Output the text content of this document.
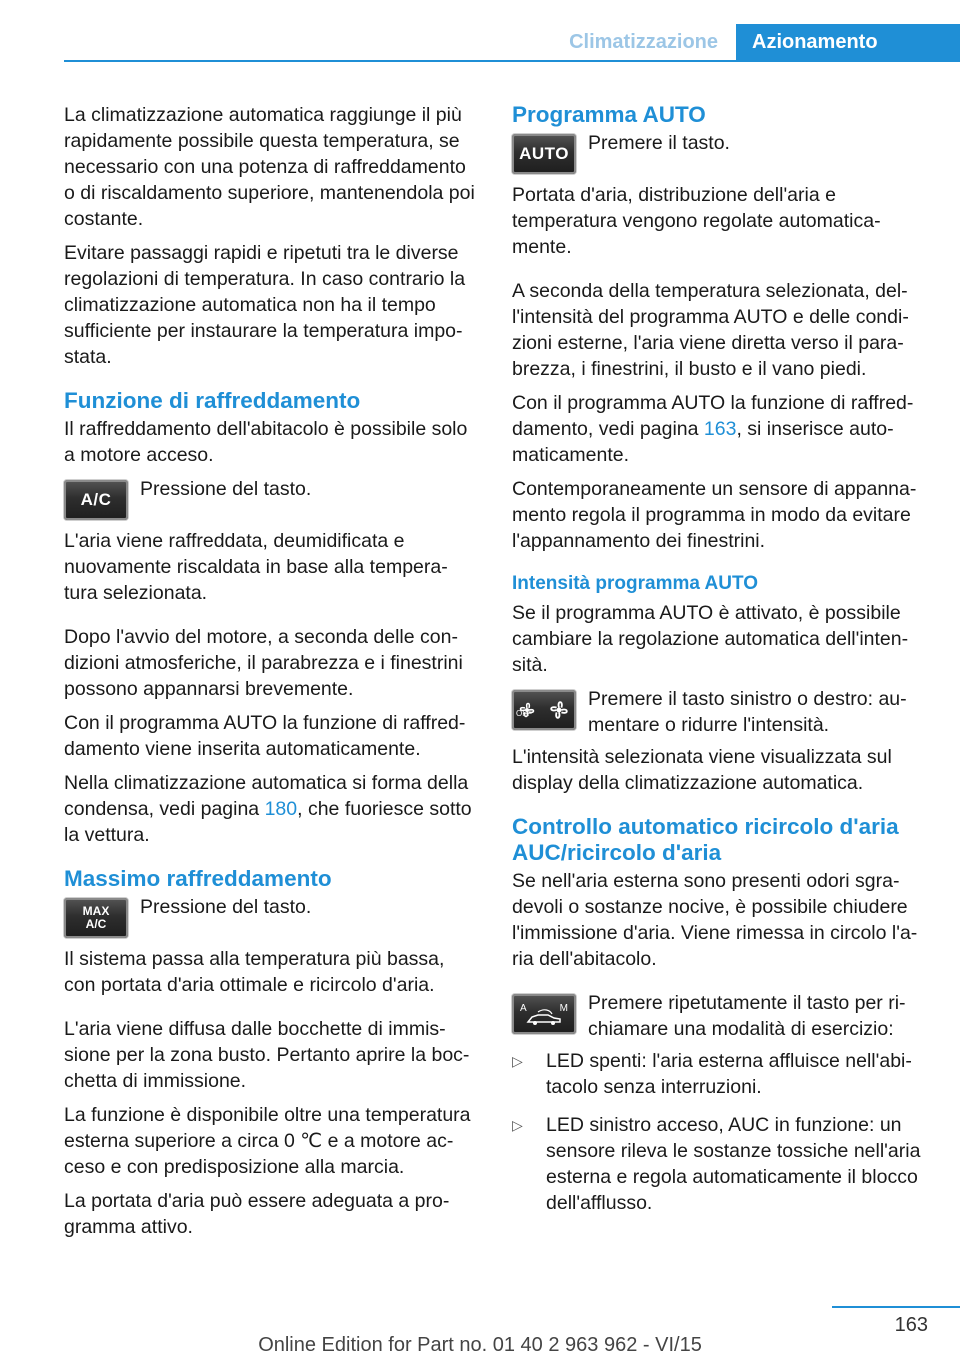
Climatizzazione	Azionamento

La climatizzazione automatica raggiunge il più rapidamente possibile questa temperatura, se necessario con una potenza di raffreddamento o di riscaldamento superiore, mantenendola poi costante.

Evitare passaggi rapidi e ripetuti tra le diverse regolazioni di temperatura. In caso contrario la climatizzazione automatica non ha il tempo sufficiente per instaurare la temperatura impo-stata.

Funzione di raffreddamento

Il raffreddamento dell'abitacolo è possibile solo a motore acceso.

A/C Pressione del tasto.

L'aria viene raffreddata, deumidificata e nuovamente riscaldata in base alla tempera-tura selezionata.

Dopo l'avvio del motore, a seconda delle con-dizioni atmosferiche, il parabrezza e i finestrini possono appannarsi brevemente.

Con il programma AUTO la funzione di raffred-damento viene inserita automaticamente.

Nella climatizzazione automatica si forma della condensa, vedi pagina 180, che fuoriesce sotto la vettura.

Massimo raffreddamento
MAX
A/C

Pressione del tasto.

Il sistema passa alla temperatura più bassa, con portata d'aria ottimale e ricircolo d'aria.

L'aria viene diffusa dalle bocchette di immis-sione per la zona busto. Pertanto aprire la boc-chetta di immissione.

La funzione è disponibile oltre una temperatura esterna superiore a circa 0 ℃ e a motore ac-ceso e con predisposizione alla marcia.

La portata d'aria può essere adeguata a pro-gramma attivo.

Programma AUTO
AUTO Premere il tasto.

Portata d'aria, distribuzione dell'aria e temperatura vengono regolate automatica-mente.

A seconda della temperatura selezionata, del-l'intensità del programma AUTO e delle condi-zioni esterne, l'aria viene diretta verso il para-brezza, i finestrini, il busto e il vano piedi.

Con il programma AUTO la funzione di raffred-damento, vedi pagina 163, si inserisce auto-maticamente.

Contemporaneamente un sensore di appanna-mento regola il programma in modo da evitare l'appannamento dei finestrini.

Intensità programma AUTO

Se il programma AUTO è attivato, è possibile cambiare la regolazione automatica dell'inten-sità.

OFF

Premere il tasto sinistro o destro: au-mentare o ridurre l'intensità.

L'intensità selezionata viene visualizzata sul display della climatizzazione automatica.

Controllo automatico ricircolo d'aria AUC/ricircolo d'aria

Se nell'aria esterna sono presenti odori sgra-devoli o sostanze nocive, è possibile chiudere l'immissione d'aria. Viene rimessa in circolo l'a-ria dell'abitacolo.

A	M Premere ripetutamente il tasto per ri-chiamare una modalità di esercizio:

▷ LED spenti: l'aria esterna affluisce nell'abi-tacolo senza interruzioni.
▷ LED sinistro acceso, AUC in funzione: un sensore rileva le sostanze tossiche nell'aria esterna e regola automaticamente il blocco dell'afflusso.
163
Online Edition for Part no. 01 40 2 963 962 - VI/15
